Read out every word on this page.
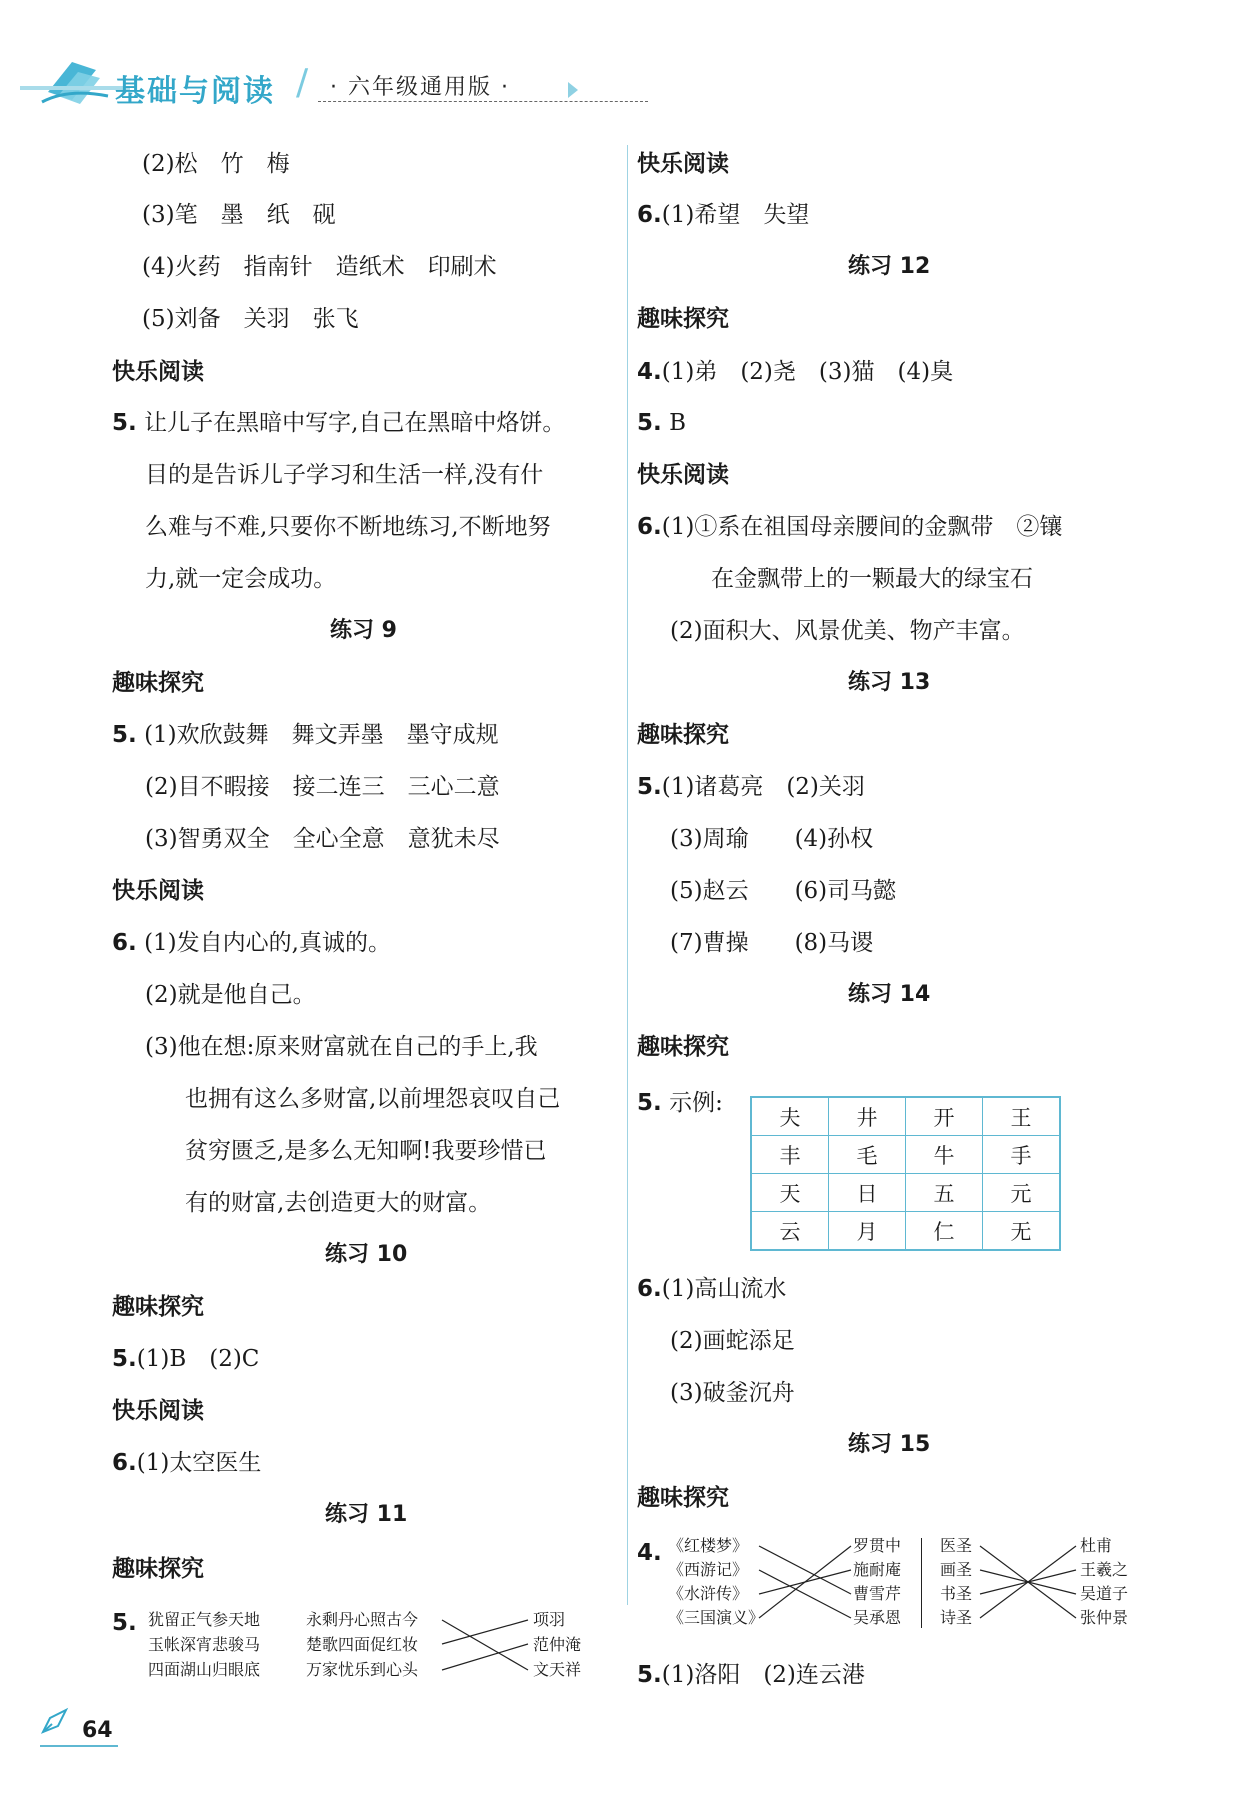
基础与阅读 / · 六年级通用版 ·
(2)松　竹　梅
(3)笔　墨　纸　砚
(4)火药　指南针　造纸术　印刷术
(5)刘备　关羽　张飞
快乐阅读
5. 让儿子在黑暗中写字,自己在黑暗中烙饼。
目的是告诉儿子学习和生活一样,没有什
么难与不难,只要你不断地练习,不断地努
力,就一定会成功。
练习 9
趣味探究
5. (1)欢欣鼓舞　舞文弄墨　墨守成规
(2)目不暇接　接二连三　三心二意
(3)智勇双全　全心全意　意犹未尽
快乐阅读
6. (1)发自内心的,真诚的。
(2)就是他自己。
(3)他在想:原来财富就在自己的手上,我
也拥有这么多财富,以前埋怨哀叹自己
贫穷匮乏,是多么无知啊!我要珍惜已
有的财富,去创造更大的财富。
练习 10
趣味探究
5.(1)B　(2)C
快乐阅读
6.(1)太空医生
练习 11
趣味探究
5. 犹留正气参天地
玉帐深宵悲骏马
四面湖山归眼底
永剩丹心照古今
楚歌四面促红妆
万家忧乐到心头
项羽
范仲淹
文天祥
快乐阅读
6.(1)希望　失望
练习 12
趣味探究
4.(1)弟　(2)尧　(3)猫　(4)臭
5. B
快乐阅读
6.(1)①系在祖国母亲腰间的金飘带　②镶
在金飘带上的一颗最大的绿宝石
(2)面积大、风景优美、物产丰富。
练习 13
趣味探究
5.(1)诸葛亮　(2)关羽
(3)周瑜　　(4)孙权
(5)赵云　　(6)司马懿
(7)曹操　　(8)马谡
练习 14
趣味探究
5. 示例:
夫	井	开	王
丰	毛	牛	手
天	日	五	元
云	月	仁	无
6.(1)高山流水
(2)画蛇添足
(3)破釜沉舟
练习 15
趣味探究
4. 《红楼梦》
《西游记》
《水浒传》
《三国演义》
罗贯中
施耐庵
曹雪芹
吴承恩
医圣
画圣
书圣
诗圣
杜甫
王羲之
吴道子
张仲景
5.(1)洛阳　(2)连云港
64
